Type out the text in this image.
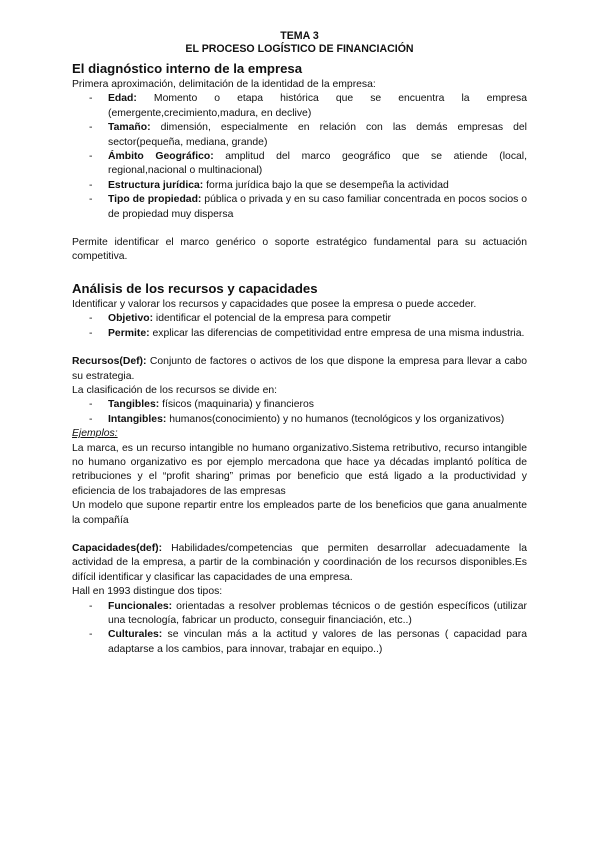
TEMA 3
EL PROCESO LOGÍSTICO DE FINANCIACIÓN
El diagnóstico interno de la empresa

Primera aproximación, delimitación de la identidad de la empresa:

- Edad: Momento o etapa histórica que se encuentra la empresa (emergente,crecimiento,madura, en declive)
- Tamaño: dimensión, especialmente en relación con las demás empresas del sector(pequeña, mediana, grande)
- Ámbito Geográfico: amplitud del marco geográfico que se atiende (local, regional,nacional o multinacional)
- Estructura jurídica: forma jurídica bajo la que se desempeña la actividad
- Tipo de propiedad: pública o privada y en su caso familiar concentrada en pocos socios o de propiedad muy dispersa

Permite identificar el marco genérico o soporte estratégico fundamental para su actuación competitiva.

Análisis de los recursos y capacidades

Identificar y valorar los recursos y capacidades que posee la empresa o puede acceder.

- Objetivo: identificar el potencial de la empresa para competir
- Permite: explicar las diferencias de competitividad entre empresa de una misma industria.

Recursos(Def): Conjunto de factores o activos de los que dispone la empresa para llevar a cabo su estrategia.

La clasificación de los recursos se divide en:

- Tangibles: físicos (maquinaria) y financieros
- Intangibles: humanos(conocimiento) y no humanos (tecnológicos y los organizativos)

Ejemplos:

La marca, es un recurso intangible no humano organizativo.Sistema retributivo, recurso intangible no humano organizativo es por ejemplo mercadona que hace ya décadas implantó política de retribuciones y el “profit sharing” primas por beneficio que está ligado a la productividad y eficiencia de los trabajadores de las empresas

Un modelo que supone repartir entre los empleados parte de los beneficios que gana anualmente la compañía

Capacidades(def): Habilidades/competencias que permiten desarrollar adecuadamente la actividad de la empresa, a partir de la combinación y coordinación de los recursos disponibles.Es difícil identificar y clasificar las capacidades de una empresa.

Hall en 1993 distingue dos tipos:

- Funcionales: orientadas a resolver problemas técnicos o de gestión específicos (utilizar una tecnología, fabricar un producto, conseguir financiación, etc..)
- Culturales: se vinculan más a la actitud y valores de las personas ( capacidad para adaptarse a los cambios, para innovar, trabajar en equipo..)
